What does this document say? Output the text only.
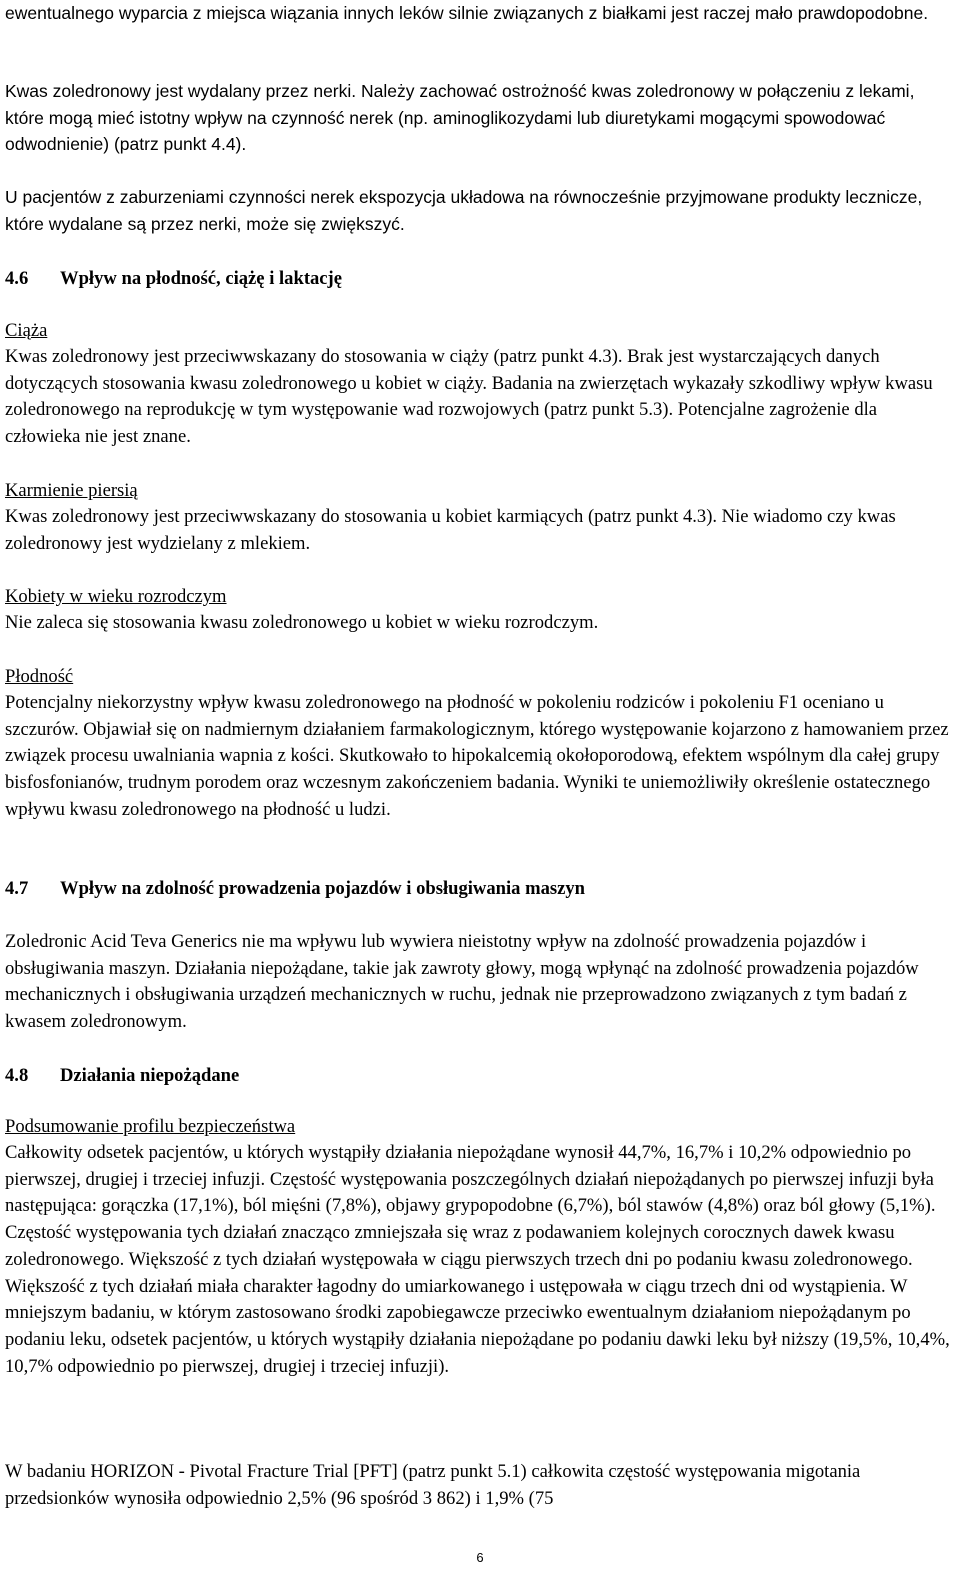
ewentualnego wyparcia z miejsca wiązania innych leków silnie związanych z białkami jest raczej mało prawdopodobne.

Kwas zoledronowy jest wydalany przez nerki. Należy zachować ostrożność kwas zoledronowy w połączeniu z lekami, które mogą mieć istotny wpływ na czynność nerek (np. aminoglikozydami lub diuretykami mogącymi spowodować odwodnienie) (patrz punkt 4.4).

U pacjentów z zaburzeniami czynności nerek ekspozycja układowa na równocześnie przyjmowane produkty lecznicze, które wydalane są przez nerki, może się zwiększyć.

4.6 Wpływ na płodność, ciążę i laktację

Ciąża

Kwas zoledronowy jest przeciwwskazany do stosowania w ciąży (patrz punkt 4.3). Brak jest wystarczających danych dotyczących stosowania kwasu zoledronowego u kobiet w ciąży. Badania na zwierzętach wykazały szkodliwy wpływ kwasu zoledronowego na reprodukcję w tym występowanie wad rozwojowych (patrz punkt 5.3). Potencjalne zagrożenie dla człowieka nie jest znane.

Karmienie piersią

Kwas zoledronowy jest przeciwwskazany do stosowania u kobiet karmiących (patrz punkt 4.3). Nie wiadomo czy kwas zoledronowy jest wydzielany z mlekiem.

Kobiety w wieku rozrodczym

Nie zaleca się stosowania kwasu zoledronowego u kobiet w wieku rozrodczym.

Płodność

Potencjalny niekorzystny wpływ kwasu zoledronowego na płodność w pokoleniu rodziców i pokoleniu F1 oceniano u szczurów. Objawiał się on nadmiernym działaniem farmakologicznym, którego występowanie kojarzono z hamowaniem przez związek procesu uwalniania wapnia z kości. Skutkowało to hipokalcemią okołoporodową, efektem wspólnym dla całej grupy bisfosfonianów, trudnym porodem oraz wczesnym zakończeniem badania. Wyniki te uniemożliwiły określenie ostatecznego wpływu kwasu zoledronowego na płodność u ludzi.

4.7 Wpływ na zdolność prowadzenia pojazdów i obsługiwania maszyn

Zoledronic Acid Teva Generics nie ma wpływu lub wywiera nieistotny wpływ na zdolność prowadzenia pojazdów i obsługiwania maszyn. Działania niepożądane, takie jak zawroty głowy, mogą wpłynąć na zdolność prowadzenia pojazdów mechanicznych i obsługiwania urządzeń mechanicznych w ruchu, jednak nie przeprowadzono związanych z tym badań z kwasem zoledronowym.

4.8 Działania niepożądane

Podsumowanie profilu bezpieczeństwa

Całkowity odsetek pacjentów, u których wystąpiły działania niepożądane wynosił 44,7%, 16,7% i 10,2% odpowiednio po pierwszej, drugiej i trzeciej infuzji. Częstość występowania poszczególnych działań niepożądanych po pierwszej infuzji była następująca: gorączka (17,1%), ból mięśni (7,8%), objawy grypopodobne (6,7%), ból stawów (4,8%) oraz ból głowy (5,1%). Częstość występowania tych działań znacząco zmniejszała się wraz z podawaniem kolejnych corocznych dawek kwasu zoledronowego. Większość z tych działań występowała w ciągu pierwszych trzech dni po podaniu kwasu zoledronowego. Większość z tych działań miała charakter łagodny do umiarkowanego i ustępowała w ciągu trzech dni od wystąpienia. W mniejszym badaniu, w którym zastosowano środki zapobiegawcze przeciwko ewentualnym działaniom niepożądanym po podaniu leku, odsetek pacjentów, u których wystąpiły działania niepożądane po podaniu dawki leku był niższy (19,5%, 10,4%, 10,7% odpowiednio po pierwszej, drugiej i trzeciej infuzji).

W badaniu HORIZON - Pivotal Fracture Trial [PFT] (patrz punkt 5.1) całkowita częstość występowania migotania przedsionków wynosiła odpowiednio 2,5% (96 spośród 3 862) i 1,9% (75

6
